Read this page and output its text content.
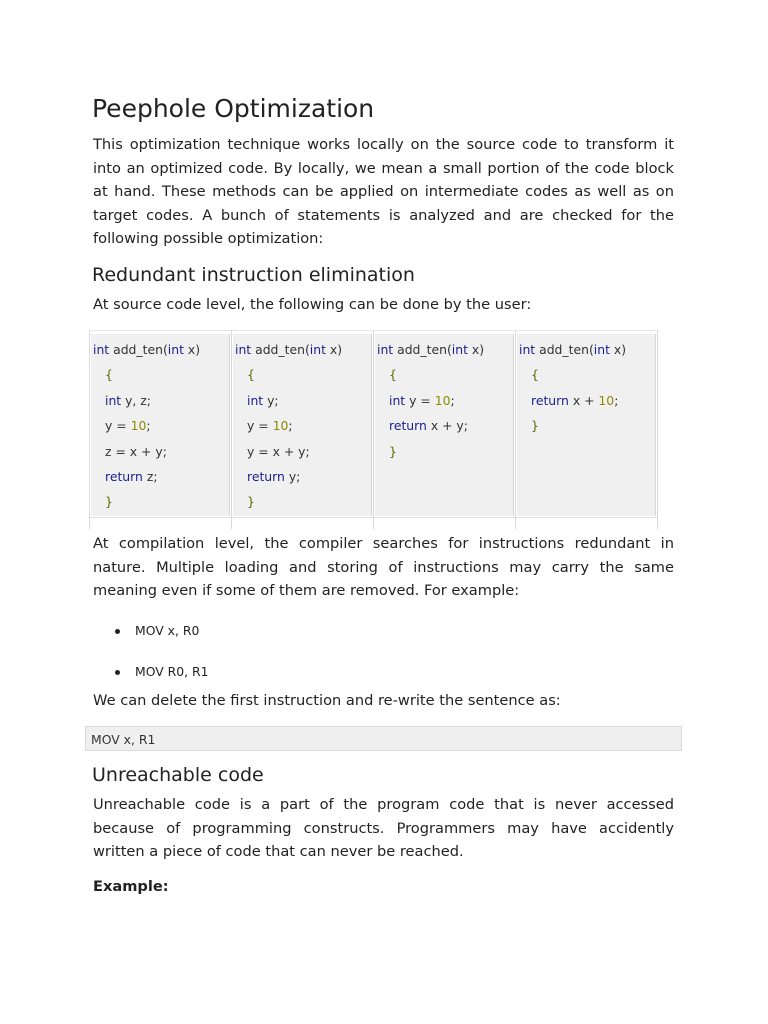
Peephole Optimization

This optimization technique works locally on the source code to transform it into an optimized code. By locally, we mean a small portion of the code block at hand. These methods can be applied on intermediate codes as well as on target codes. A bunch of statements is analyzed and are checked for the following possible optimization:

Redundant instruction elimination

At source code level, the following can be done by the user:

int add_ten(int x)
{
int y, z;
y = 10;
z = x + y;
return z;
}
int add_ten(int x)
{
int y;
y = 10;
y = x + y;
return y;
}
int add_ten(int x)
{
int y = 10;
return x + y;
}
int add_ten(int x)
{
return x + 10;
}

At compilation level, the compiler searches for instructions redundant in nature. Multiple loading and storing of instructions may carry the same meaning even if some of them are removed. For example:

MOV x, R0
MOV R0, R1

We can delete the first instruction and re-write the sentence as:

MOV x, R1
Unreachable code

Unreachable code is a part of the program code that is never accessed because of programming constructs. Programmers may have accidently written a piece of code that can never be reached.

Example:
